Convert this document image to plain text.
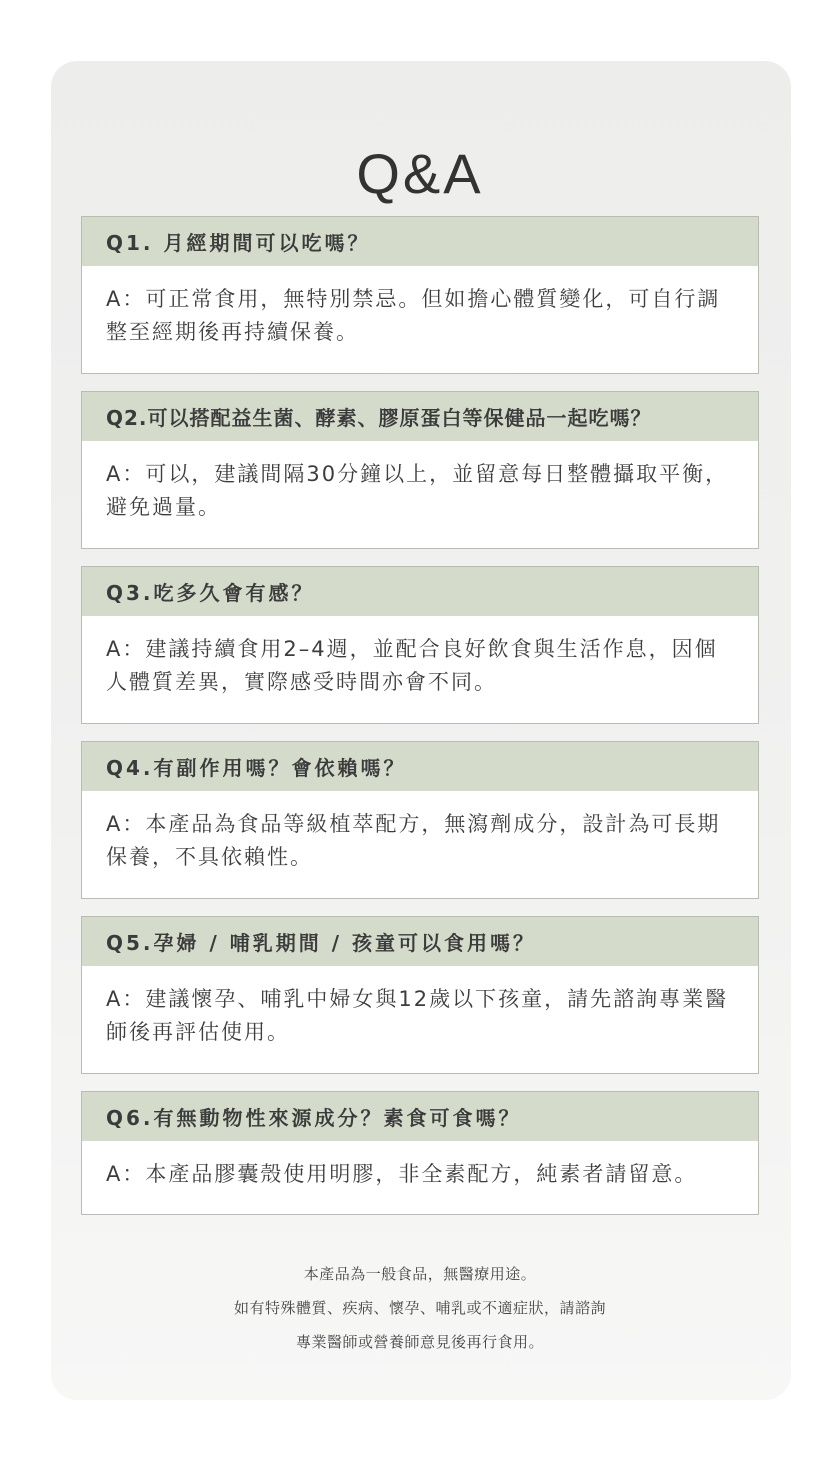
Q&A
Q1. 月經期間可以吃嗎？
A：可正常食用，無特別禁忌。但如擔心體質變化，可自行調整至經期後再持續保養。
Q2.可以搭配益生菌、酵素、膠原蛋白等保健品一起吃嗎？
A：可以，建議間隔30分鐘以上，並留意每日整體攝取平衡，避免過量。
Q3.吃多久會有感？
A：建議持續食用2–4週，並配合良好飲食與生活作息，因個人體質差異，實際感受時間亦會不同。
Q4.有副作用嗎？會依賴嗎？
A：本產品為食品等級植萃配方，無瀉劑成分，設計為可長期保養，不具依賴性。
Q5.孕婦 / 哺乳期間 / 孩童可以食用嗎？
A：建議懷孕、哺乳中婦女與12歲以下孩童，請先諮詢專業醫師後再評估使用。
Q6.有無動物性來源成分？素食可食嗎？
A：本產品膠囊殼使用明膠，非全素配方，純素者請留意。

本產品為一般食品，無醫療用途。

如有特殊體質、疾病、懷孕、哺乳或不適症狀，請諮詢

專業醫師或營養師意見後再行食用。
